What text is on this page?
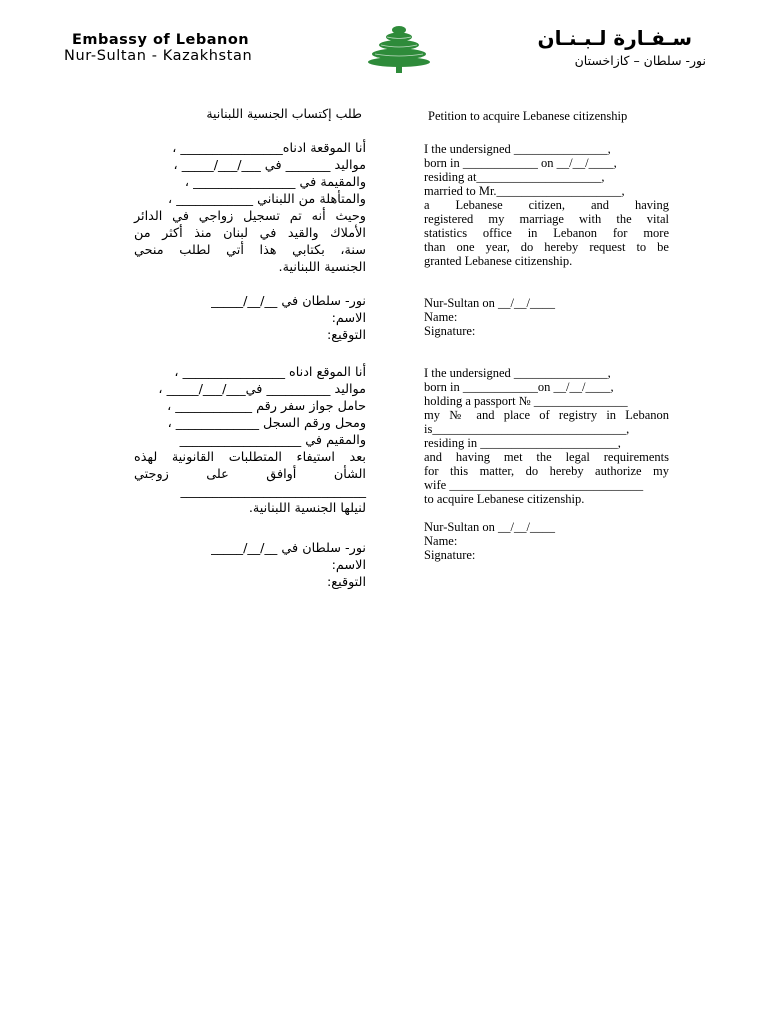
Embassy of Lebanon
Nur-Sultan - Kazakhstan
سـفـارة لـبـنـان
نور- سلطان – كازاخستان
طلب إكتساب الجنسية اللبنانية	Petition to acquire Lebanese citizenship
I the undersigned _______________,
born in ____________ on __/__/____,
residing at____________________,
married to Mr.____________________,
a Lebanese citizen, and having
registered my marriage with the vital
statistics office in Lebanon for more
than one year, do hereby request to be
granted Lebanese citizenship.
أنا الموقعة ادناه________________ ،
مواليد _______ في ___/___/_____ ،
والمقيمة في ________________ ،
والمتأهلة من اللبناني ____________ ،
وحيث أنه تم تسجيل زواجي في الدائر
الأملاك والقيد في لبنان منذ أكثر من
سنة، بكتابي هذا أتي لطلب منحي
الجنسية اللبنانية.
Nur-Sultan on __/__/____
Name:
Signature:
نور- سلطان في __/__/_____
الاسم:
التوقيع:
I the undersigned _______________,
born in ____________on __/__/____,
holding a passport № _______________
my № and place of registry in Lebanon
is_______________________________,
residing in ______________________,
and having met the legal requirements
for this matter, do hereby authorize my
wife _______________________________
to acquire Lebanese citizenship.
أنا الموقع ادناه ________________ ،
مواليد __________ في___/___/_____ ،
حامل جواز سفر رقم ____________ ،
ومحل ورقم السجل _____________ ،
والمقيم في ___________________
بعد استيفاء المتطلبات القانونية لهذه
الشأن أوافق على زوجتي
_____________________________
لنيلها الجنسية اللبنانية.
Nur-Sultan on __/__/____
Name:
Signature:
نور- سلطان في __/__/_____
الاسم:
التوقيع:
